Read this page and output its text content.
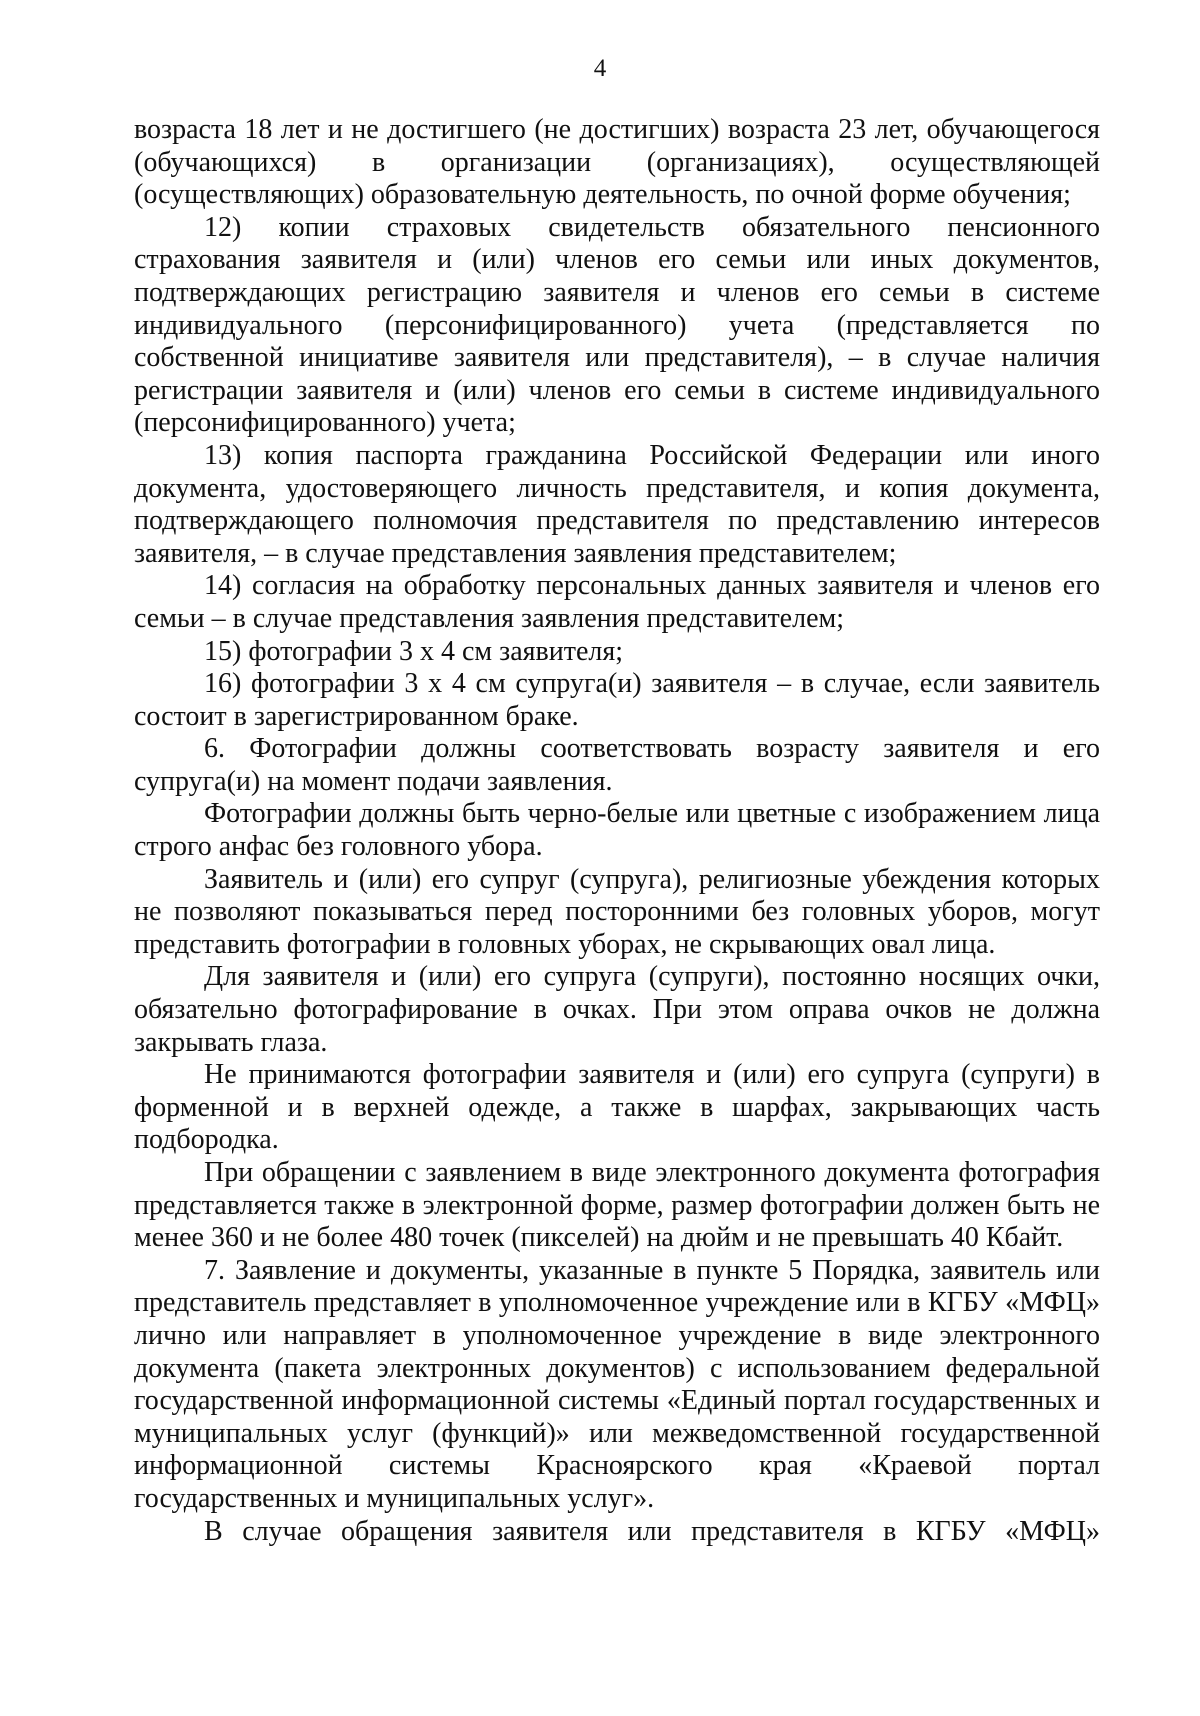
4

возраста 18 лет и не достигшего (не достигших) возраста 23 лет, обучающегося (обучающихся) в организации (организациях), осуществляющей (осуществляющих) образовательную деятельность, по очной форме обучения;

12) копии страховых свидетельств обязательного пенсионного страхования заявителя и (или) членов его семьи или иных документов, подтверждающих регистрацию заявителя и членов его семьи в системе индивидуального (персонифицированного) учета (представляется по собственной инициативе заявителя или представителя), – в случае наличия регистрации заявителя и (или) членов его семьи в системе индивидуального (персонифицированного) учета;

13) копия паспорта гражданина Российской Федерации или иного документа, удостоверяющего личность представителя, и копия документа, подтверждающего полномочия представителя по представлению интересов заявителя, – в случае представления заявления представителем;

14) согласия на обработку персональных данных заявителя и членов его семьи – в случае представления заявления представителем;

15) фотографии 3 х 4 см заявителя;

16) фотографии 3 х 4 см супруга(и) заявителя – в случае, если заявитель состоит в зарегистрированном браке.

6. Фотографии должны соответствовать возрасту заявителя и его супруга(и) на момент подачи заявления.

Фотографии должны быть черно-белые или цветные с изображением лица строго анфас без головного убора.

Заявитель и (или) его супруг (супруга), религиозные убеждения которых не позволяют показываться перед посторонними без головных уборов, могут представить фотографии в головных уборах, не скрывающих овал лица.

Для заявителя и (или) его супруга (супруги), постоянно носящих очки, обязательно фотографирование в очках. При этом оправа очков не должна закрывать глаза.

Не принимаются фотографии заявителя и (или) его супруга (супруги) в форменной и в верхней одежде, а также в шарфах, закрывающих часть подбородка.

При обращении с заявлением в виде электронного документа фотография представляется также в электронной форме, размер фотографии должен быть не менее 360 и не более 480 точек (пикселей) на дюйм и не превышать 40 Кбайт.

7. Заявление и документы, указанные в пункте 5 Порядка, заявитель или представитель представляет в уполномоченное учреждение или в КГБУ «МФЦ» лично или направляет в уполномоченное учреждение в виде электронного документа (пакета электронных документов) с использованием федеральной государственной информационной системы «Единый портал государственных и муниципальных услуг (функций)» или межведомственной государственной информационной системы Красноярского края «Краевой портал государственных и муниципальных услуг».

В случае обращения заявителя или представителя в КГБУ «МФЦ»
